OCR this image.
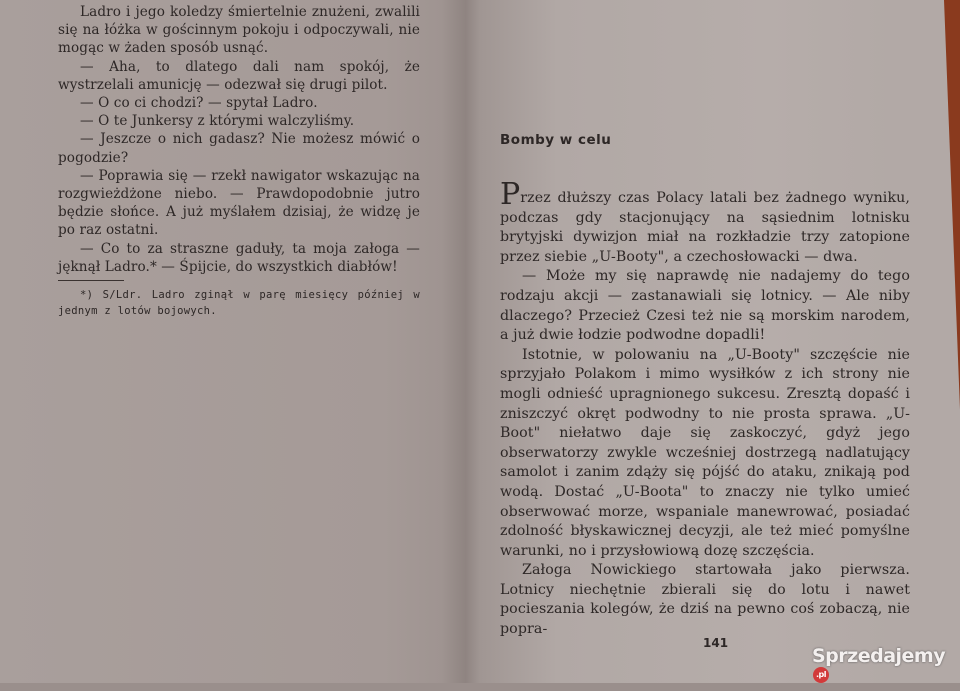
Ladro i jego koledzy śmiertelnie znużeni, zwalili się na łóżka w gościnnym pokoju i odpoczywali, nie mogąc w żaden sposób usnąć.

— Aha, to dlatego dali nam spokój, że wystrzelali amunicję — odezwał się drugi pilot.

— O co ci chodzi? — spytał Ladro.

— O te Junkersy z którymi walczyliśmy.

— Jeszcze o nich gadasz? Nie możesz mówić o pogodzie?

— Poprawia się — rzekł nawigator wskazując na rozgwieżdżone niebo. — Prawdopodobnie jutro będzie słońce. A już myślałem dzisiaj, że widzę je po raz ostatni.

— Co to za straszne gaduły, ta moja załoga — jęknął Ladro.* — Śpijcie, do wszystkich diabłów!

*) S/Ldr. Ladro zginął w parę miesięcy później w jednym z lotów bojowych.

Bomby w celu

Przez dłuższy czas Polacy latali bez żadnego wyniku, podczas gdy stacjonujący na sąsiednim lotnisku brytyjski dywizjon miał na rozkładzie trzy zatopione przez siebie „U-Booty", a czechosłowacki — dwa.

— Może my się naprawdę nie nadajemy do tego rodzaju akcji — zastanawiali się lotnicy. — Ale niby dlaczego? Przecież Czesi też nie są morskim narodem, a już dwie łodzie podwodne dopadli!

Istotnie, w polowaniu na „U-Booty" szczęście nie sprzyjało Polakom i mimo wysiłków z ich strony nie mogli odnieść upragnionego sukcesu. Zresztą dopaść i zniszczyć okręt podwodny to nie prosta sprawa. „U-Boot" niełatwo daje się zaskoczyć, gdyż jego obserwatorzy zwykle wcześniej dostrzegą nadlatujący samolot i zanim zdąży się pójść do ataku, znikają pod wodą. Dostać „U-Boota" to znaczy nie tylko umieć obserwować morze, wspaniale manewrować, posiadać zdolność błyskawicznej decyzji, ale też mieć pomyślne warunki, no i przysłowiową dozę szczęścia.

Załoga Nowickiego startowała jako pierwsza. Lotnicy niechętnie zbierali się do lotu i nawet pocieszania kolegów, że dziś na pewno coś zobaczą, nie popra-

141
Sprzedajemy.pl
